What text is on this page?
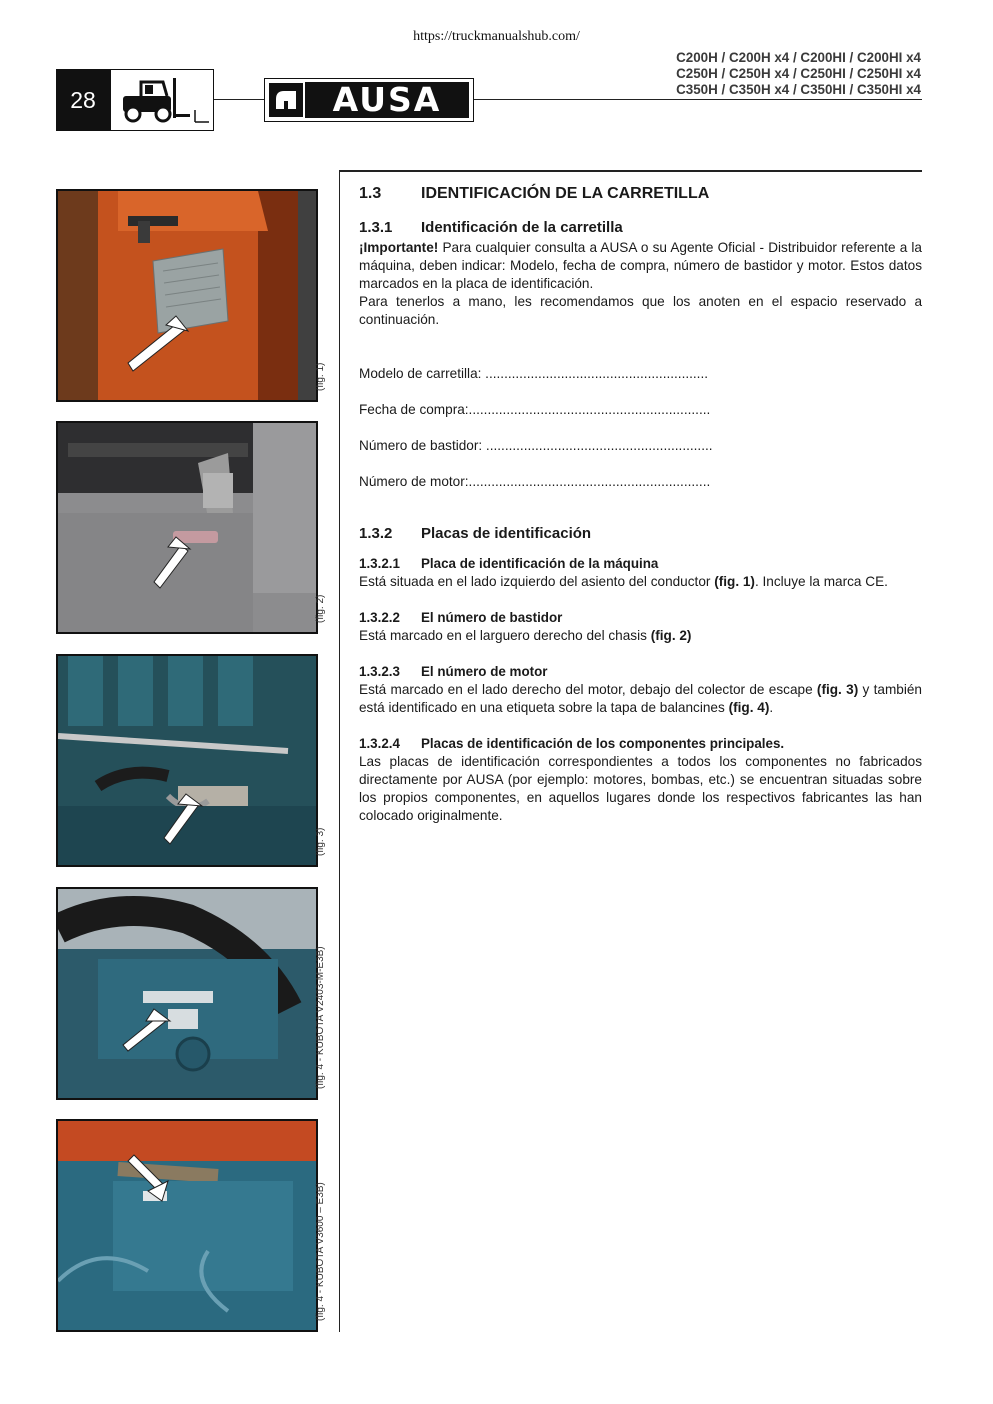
https://truckmanualshub.com/
C200H / C200H x4 / C200HI / C200HI x4
C250H / C250H x4 / C250HI / C250HI x4
C350H / C350H x4 / C350HI / C350HI x4
28	AUSA
(fig. 1)
(fig. 2)
(fig. 3)
(fig. 4 - KUBOTA V2403-M-E3B)
(fig. 4 - KUBOTA V3600 – E3B)
1.3 IDENTIFICACIÓN DE LA CARRETILLA
1.3.1 Identificación de la carretilla

¡Importante! Para cualquier consulta a AUSA o su Agente Oficial - Distribuidor referente a la máquina, deben indicar: Modelo, fecha de compra, número de bastidor y motor. Estos datos marcados en la placa de identificación.

Para tenerlos a mano, les recomendamos que los anoten en el espacio reservado a continuación.

Modelo de carretilla: ...........................................................

Fecha de compra:................................................................

Número de bastidor: ............................................................

Número de motor:................................................................

1.3.2 Placas de identificación
1.3.2.1 Placa de identificación de la máquina

Está situada en el lado izquierdo del asiento del conductor (fig. 1). Incluye la marca CE.

1.3.2.2 El número de bastidor

Está marcado en el larguero derecho del chasis (fig. 2)

1.3.2.3 El número de motor

Está marcado en el lado derecho del motor, debajo del colector de escape (fig. 3) y también está identificado en una etiqueta sobre la tapa de balancines (fig. 4).

1.3.2.4 Placas de identificación de los componentes principales.

Las placas de identificación correspondientes a todos los componentes no fabricados directamente por AUSA (por ejemplo: motores, bombas, etc.) se encuentran situadas sobre los propios componentes, en aquellos lugares donde los respectivos fabricantes las han colocado originalmente.
